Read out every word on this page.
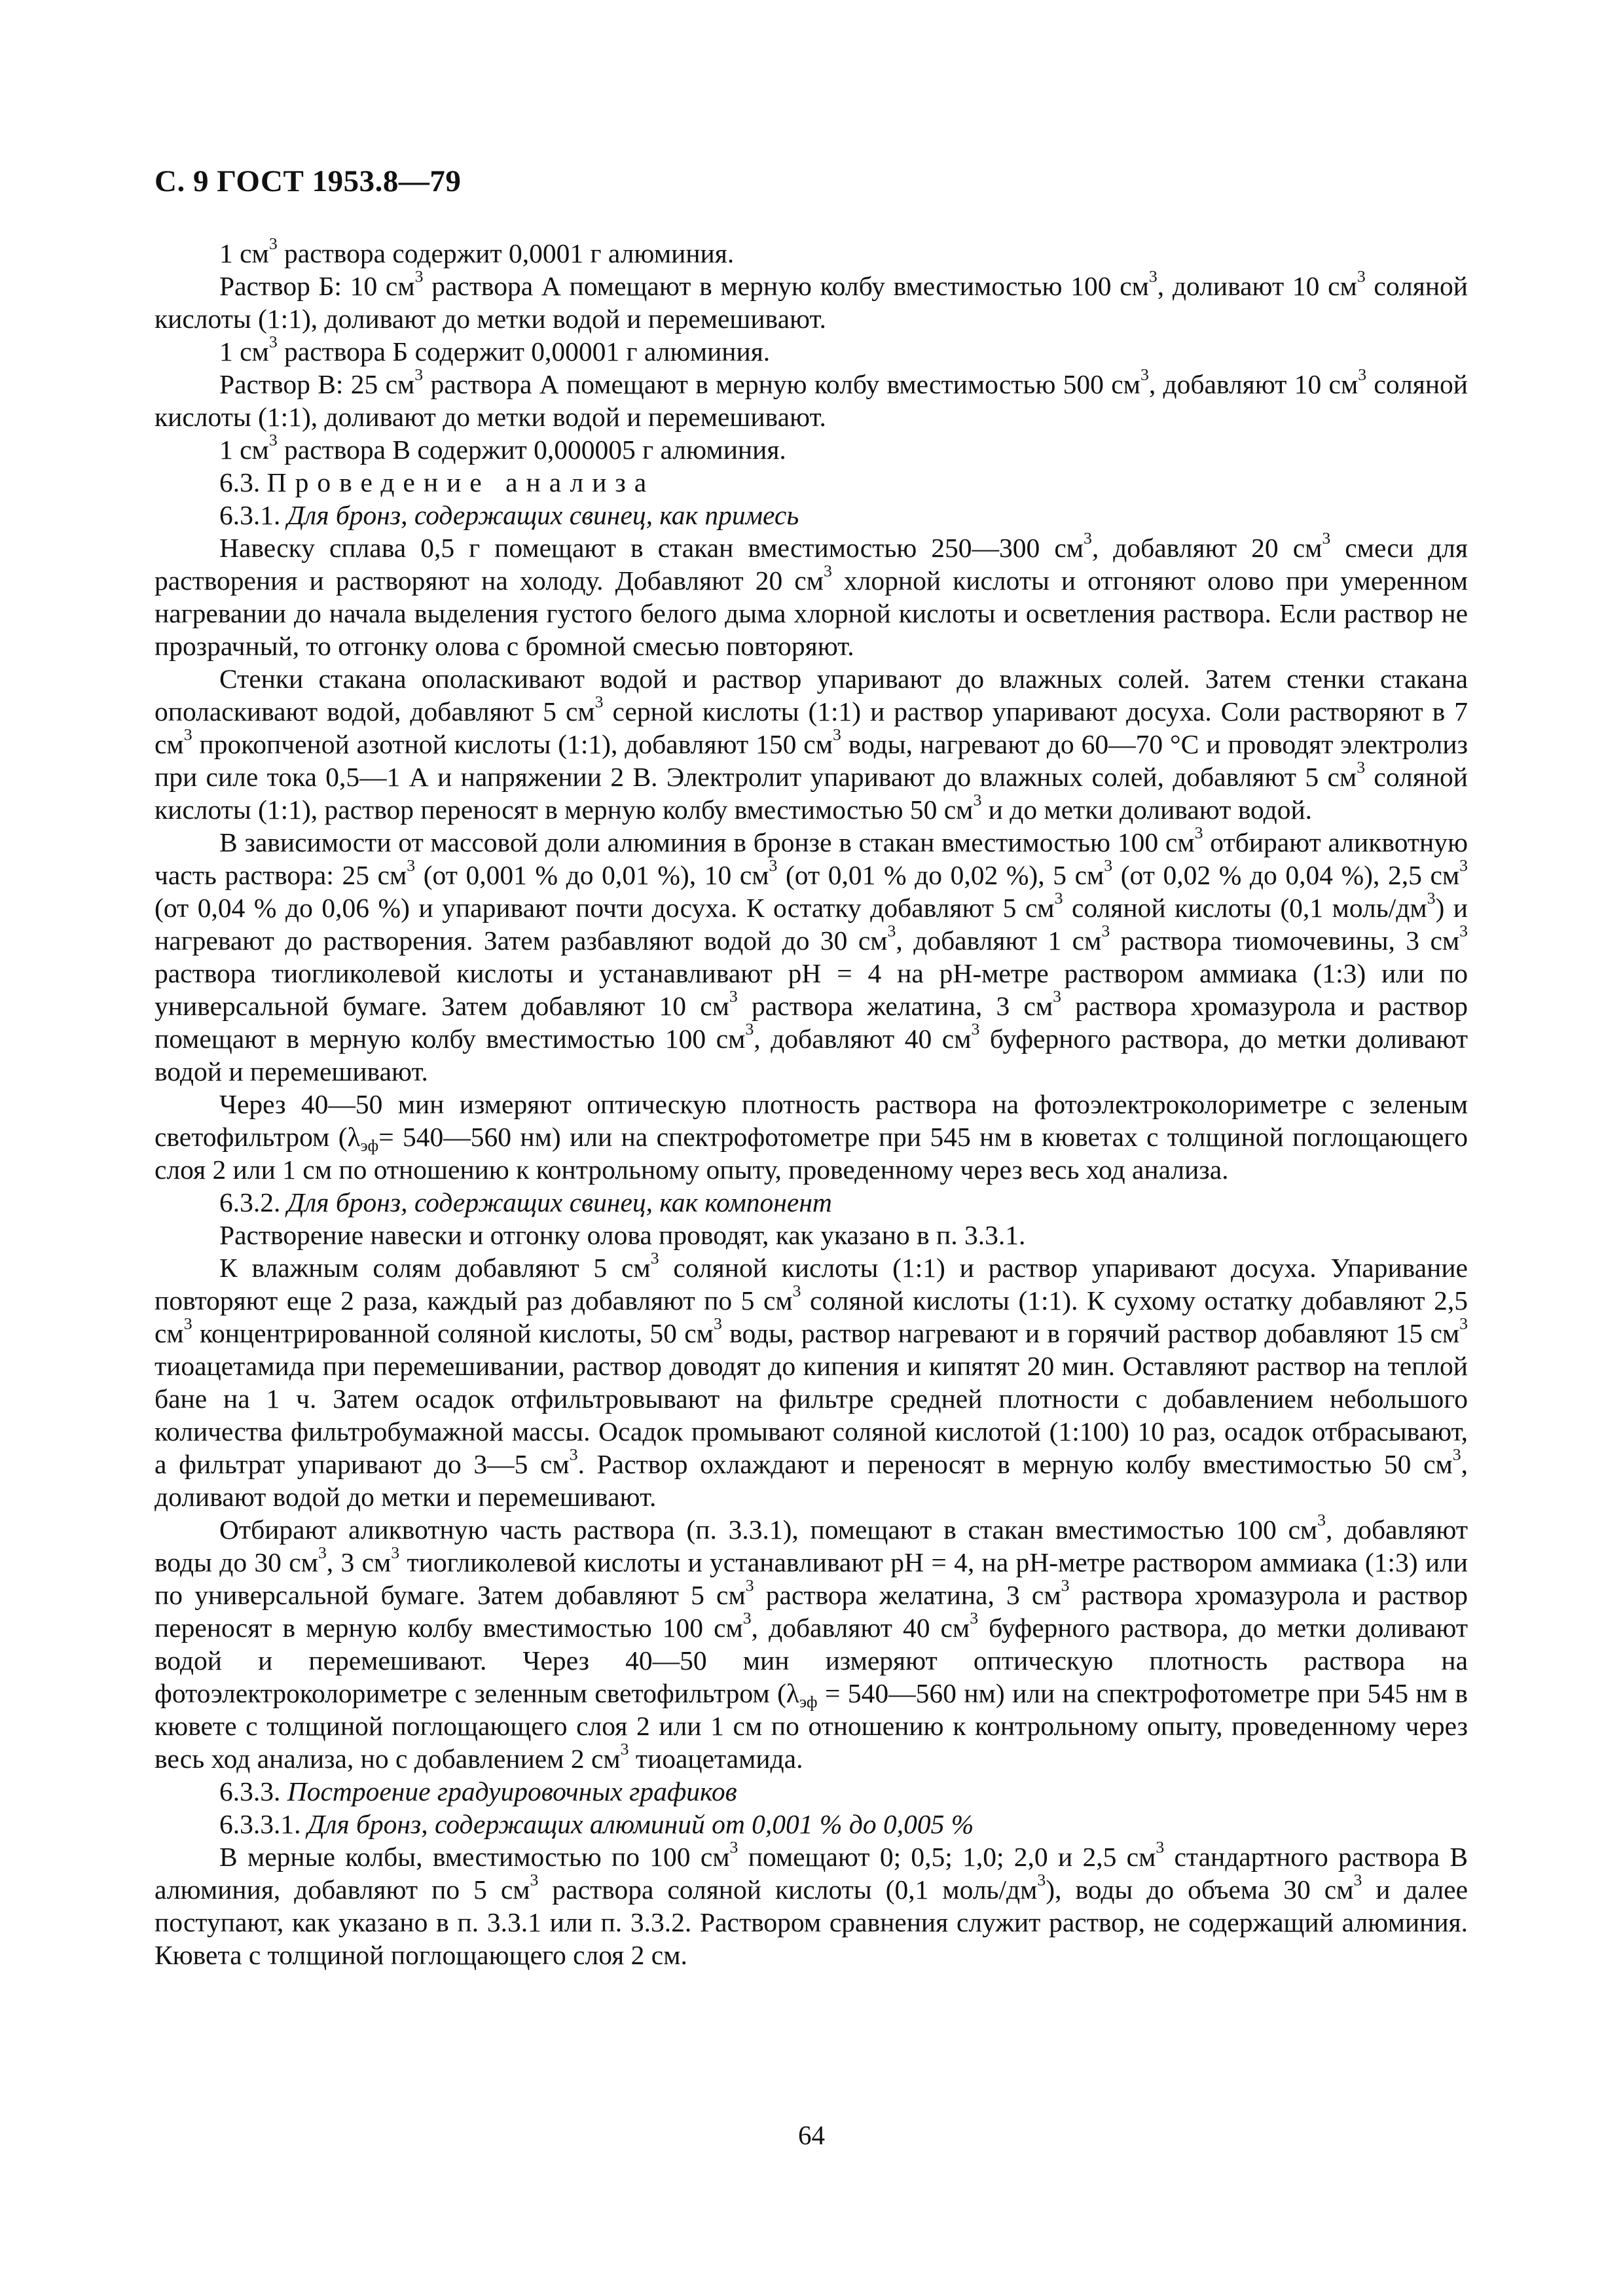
С. 9 ГОСТ 1953.8—79

1 $см^3$ раствора содержит 0,0001 г алюминия.

Раствор Б: 10 $см^3$ раствора А помещают в мерную колбу вместимостью 100 $см^3$, доливают 10 $см^3$ соляной кислоты (1:1), доливают до метки водой и перемешивают.

1 $см^3$ раствора Б содержит 0,00001 г алюминия.

Раствор В: 25 $см^3$ раствора А помещают в мерную колбу вместимостью 500 $см^3$, добавляют 10 $см^3$ соляной кислоты (1:1), доливают до метки водой и перемешивают.

1 $см^3$ раствора В содержит 0,000005 г алюминия.

6.3. Проведение анализа

6.3.1. Для бронз, содержащих свинец, как примесь

Навеску сплава 0,5 г помещают в стакан вместимостью 250—300 $см^3$, добавляют 20 $см^3$ смеси для растворения и растворяют на холоду. Добавляют 20 $см^3$ хлорной кислоты и отгоняют олово при умеренном нагревании до начала выделения густого белого дыма хлорной кислоты и осветления раствора. Если раствор не прозрачный, то отгонку олова с бромной смесью повторяют.

Стенки стакана ополаскивают водой и раствор упаривают до влажных солей. Затем стенки стакана ополаскивают водой, добавляют 5 $см^3$ серной кислоты (1:1) и раствор упаривают досуха. Соли растворяют в 7 $см^3$ прокопченой азотной кислоты (1:1), добавляют 150 $см^3$ воды, нагревают до 60—70 °С и проводят электролиз при силе тока 0,5—1 А и напряжении 2 В. Электролит упаривают до влажных солей, добавляют 5 $см^3$ соляной кислоты (1:1), раствор переносят в мерную колбу вместимостью 50 $см^3$ и до метки доливают водой.

В зависимости от массовой доли алюминия в бронзе в стакан вместимостью 100 $см^3$ отбирают аликвотную часть раствора: 25 $см^3$ (от 0,001 % до 0,01 %), 10 $см^3$ (от 0,01 % до 0,02 %), 5 $см^3$ (от 0,02 % до 0,04 %), 2,5 $см^3$ (от 0,04 % до 0,06 %) и упаривают почти досуха. К остатку добавляют 5 $см^3$ соляной кислоты (0,1 моль/$дм^3$) и нагревают до растворения. Затем разбавляют водой до 30 $см^3$, добавляют 1 $см^3$ раствора тиомочевины, 3 $см^3$ раствора тиогликолевой кислоты и устанавливают рН = 4 на рН-метре раствором аммиака (1:3) или по универсальной бумаге. Затем добавляют 10 $см^3$ раствора желатина, 3 $см^3$ раствора хромазурола и раствор помещают в мерную колбу вместимостью 100 $см^3$, добавляют 40 $см^3$ буферного раствора, до метки доливают водой и перемешивают.

Через 40—50 мин измеряют оптическую плотность раствора на фотоэлектроколориметре с зеленым светофильтром ($\lambda_{эф}=$ 540—560 нм) или на спектрофотометре при 545 нм в кюветах с толщиной поглощающего слоя 2 или 1 см по отношению к контрольному опыту, проведенному через весь ход анализа.

6.3.2. Для бронз, содержащих свинец, как компонент

Растворение навески и отгонку олова проводят, как указано в п. 3.3.1.

К влажным солям добавляют 5 $см^3$ соляной кислоты (1:1) и раствор упаривают досуха. Упаривание повторяют еще 2 раза, каждый раз добавляют по 5 $см^3$ соляной кислоты (1:1). К сухому остатку добавляют 2,5 $см^3$ концентрированной соляной кислоты, 50 $см^3$ воды, раствор нагревают и в горячий раствор добавляют 15 $см^3$ тиоацетамида при перемешивании, раствор доводят до кипения и кипятят 20 мин. Оставляют раствор на теплой бане на 1 ч. Затем осадок отфильтровывают на фильтре средней плотности с добавлением небольшого количества фильтробумажной массы. Осадок промывают соляной кислотой (1:100) 10 раз, осадок отбрасывают, а фильтрат упаривают до 3—5 $см^3$. Раствор охлаждают и переносят в мерную колбу вместимостью 50 $см^3$, доливают водой до метки и перемешивают.

Отбирают аликвотную часть раствора (п. 3.3.1), помещают в стакан вместимостью 100 $см^3$, добавляют воды до 30 $см^3$, 3 $см^3$ тиогликолевой кислоты и устанавливают рН = 4, на рН-метре раствором аммиака (1:3) или по универсальной бумаге. Затем добавляют 5 $см^3$ раствора желатина, 3 $см^3$ раствора хромазурола и раствор переносят в мерную колбу вместимостью 100 $см^3$, добавляют 40 $см^3$ буферного раствора, до метки доливают водой и перемешивают. Через 40—50 мин измеряют оптическую плотность раствора на фотоэлектроколориметре с зеленным светофильтром ($\lambda_{эф}$ = 540—560 нм) или на спектрофотометре при 545 нм в кювете с толщиной поглощающего слоя 2 или 1 см по отношению к контрольному опыту, проведенному через весь ход анализа, но с добавлением 2 $см^3$ тиоацетамида.

6.3.3. Построение градуировочных графиков

6.3.3.1. Для бронз, содержащих алюминий от 0,001 % до 0,005 %

В мерные колбы, вместимостью по 100 $см^3$ помещают 0; 0,5; 1,0; 2,0 и 2,5 $см^3$ стандартного раствора В алюминия, добавляют по 5 $см^3$ раствора соляной кислоты (0,1 моль/$дм^3$), воды до объема 30 $см^3$ и далее поступают, как указано в п. 3.3.1 или п. 3.3.2. Раствором сравнения служит раствор, не содержащий алюминия. Кювета с толщиной поглощающего слоя 2 см.

64
